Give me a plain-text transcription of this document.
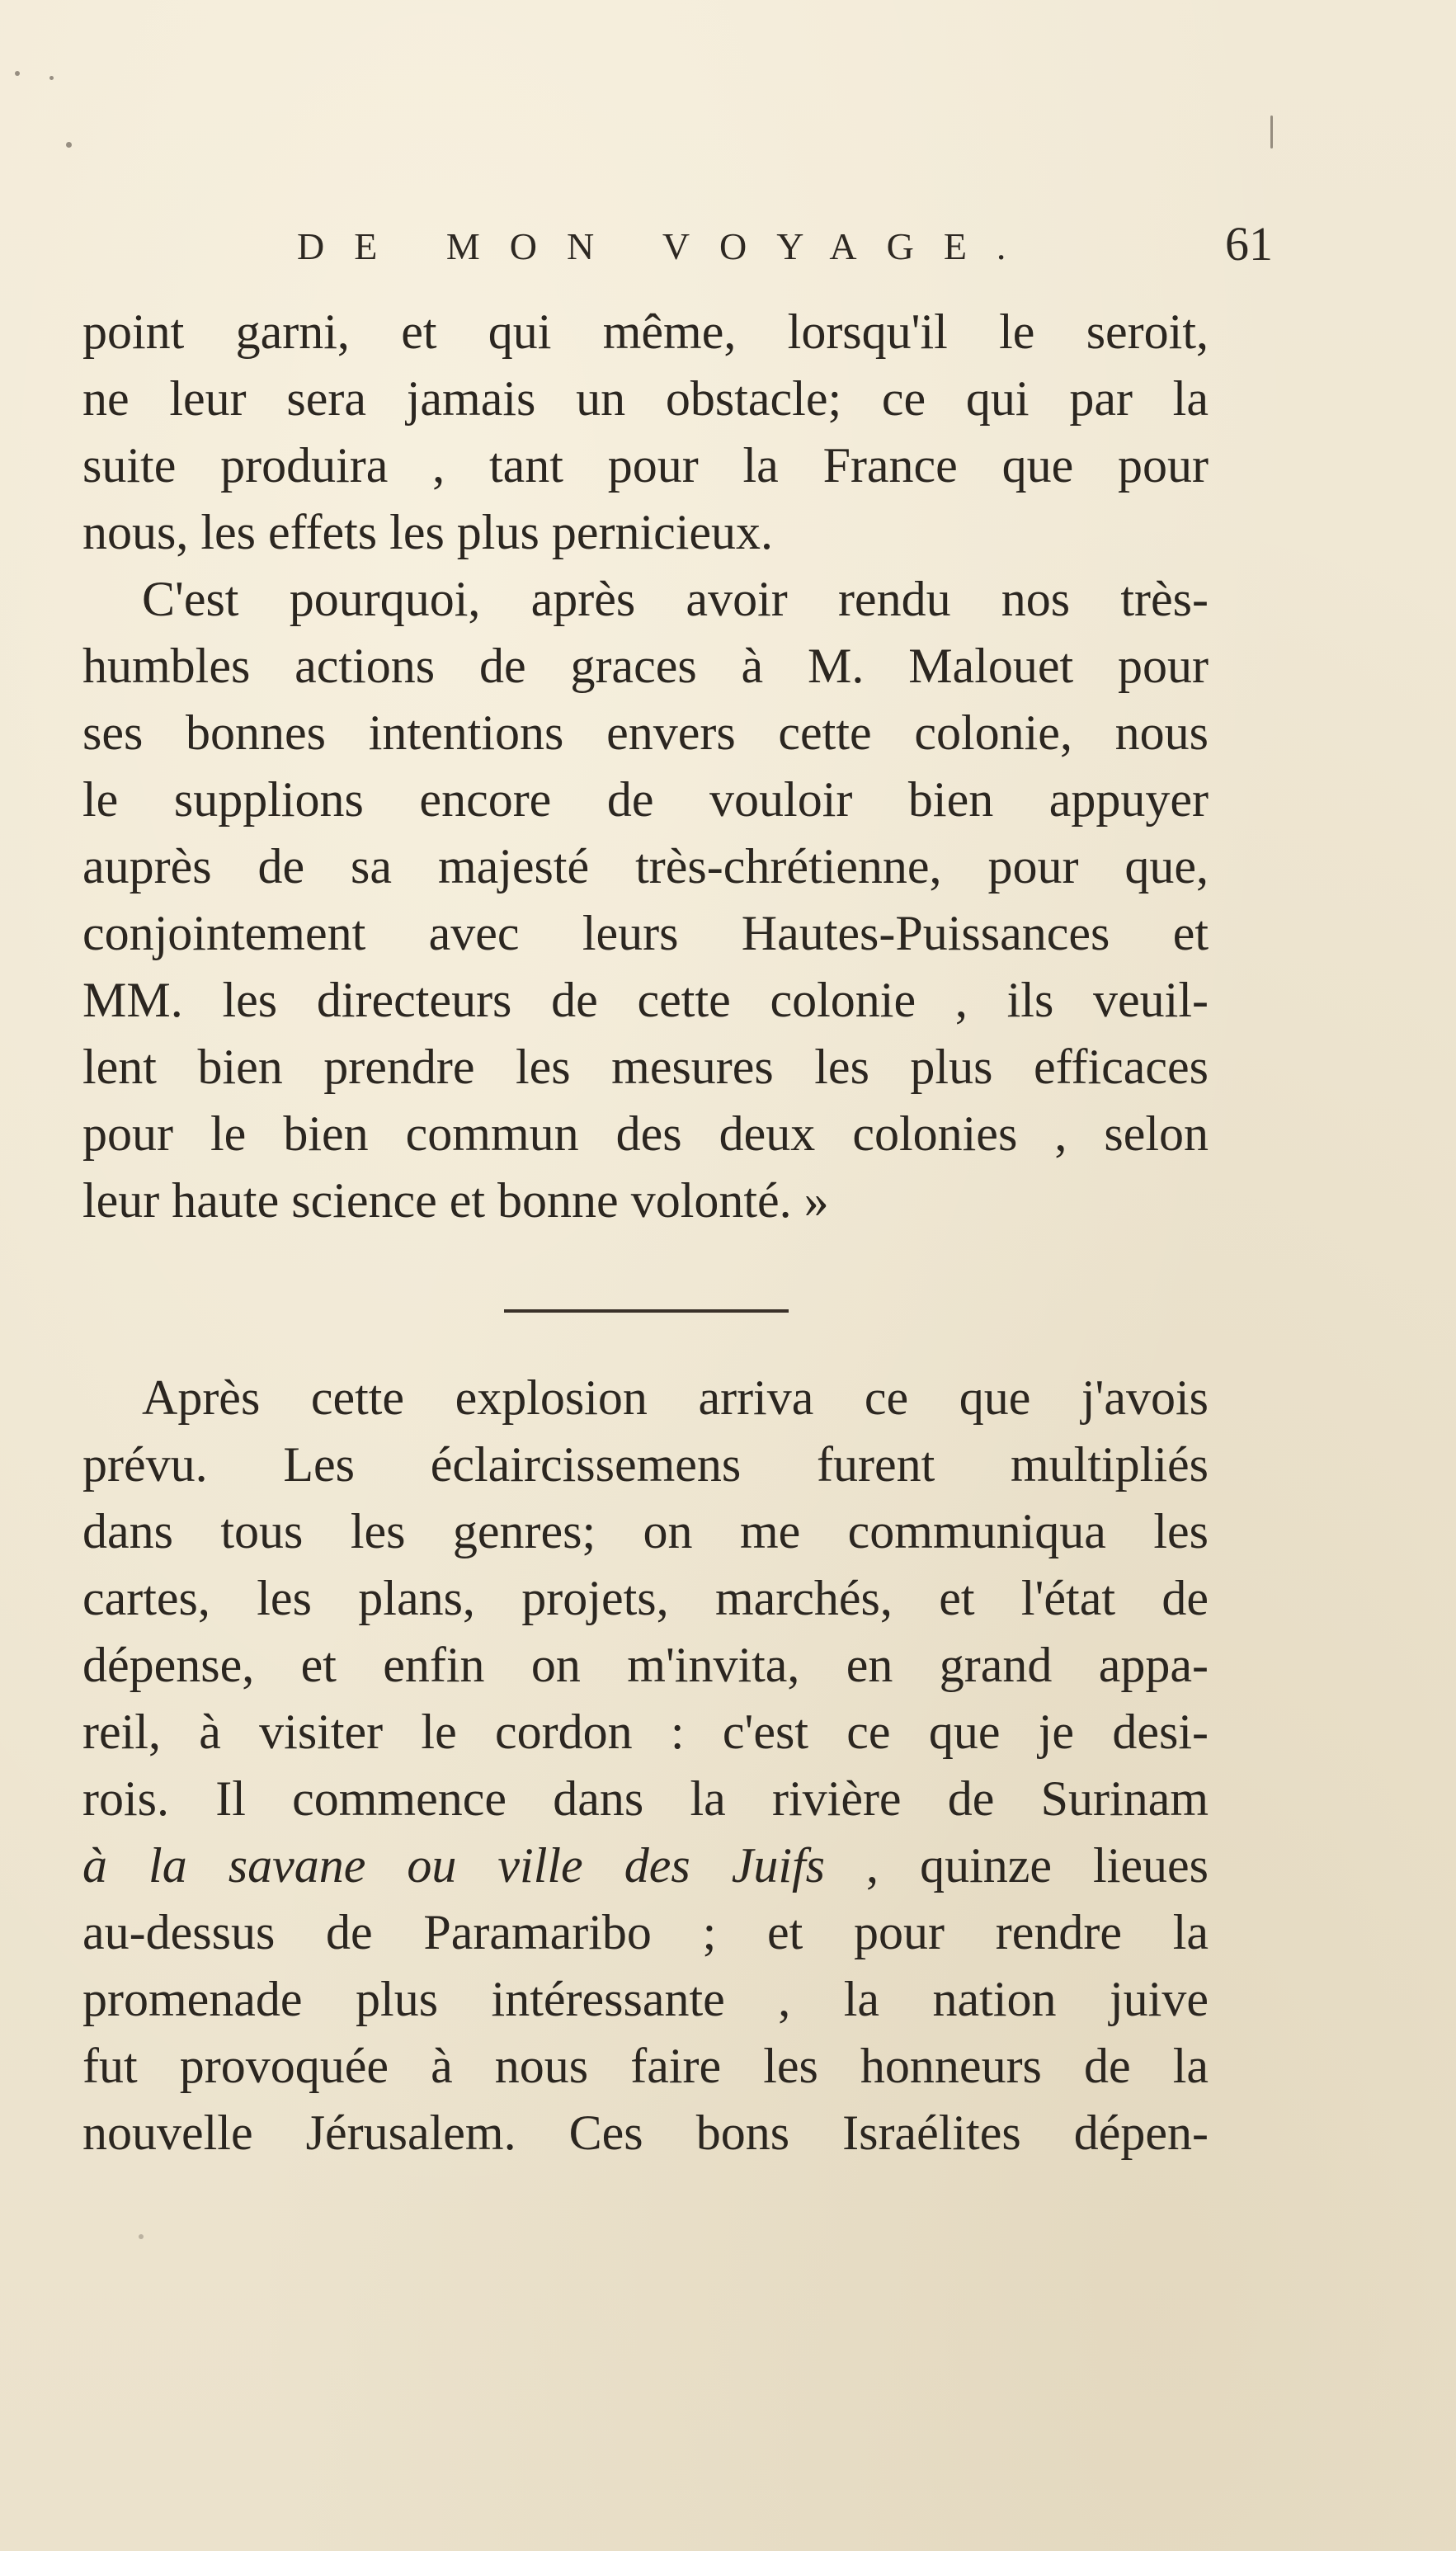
DE MON VOYAGE.	61
point garni, et qui même, lorsqu'il le seroit,
ne leur sera jamais un obstacle; ce qui par la
suite produira , tant pour la France que pour
nous, les effets les plus pernicieux.
C'est pourquoi, après avoir rendu nos très-
humbles actions de graces à M. Malouet pour
ses bonnes intentions envers cette colonie, nous
le supplions encore de vouloir bien appuyer
auprès de sa majesté très-chrétienne, pour que,
conjointement avec leurs Hautes-Puissances et
MM. les directeurs de cette colonie , ils veuil-
lent bien prendre les mesures les plus efficaces
pour le bien commun des deux colonies , selon
leur haute science et bonne volonté. »
Après cette explosion arriva ce que j'avois
prévu. Les éclaircissemens furent multipliés
dans tous les genres; on me communiqua les
cartes, les plans, projets, marchés, et l'état de
dépense, et enfin on m'invita, en grand appa-
reil, à visiter le cordon : c'est ce que je desi-
rois. Il commence dans la rivière de Surinam
à la savane ou ville des Juifs , quinze lieues
au-dessus de Paramaribo ; et pour rendre la
promenade plus intéressante , la nation juive
fut provoquée à nous faire les honneurs de la
nouvelle Jérusalem. Ces bons Israélites dépen-
